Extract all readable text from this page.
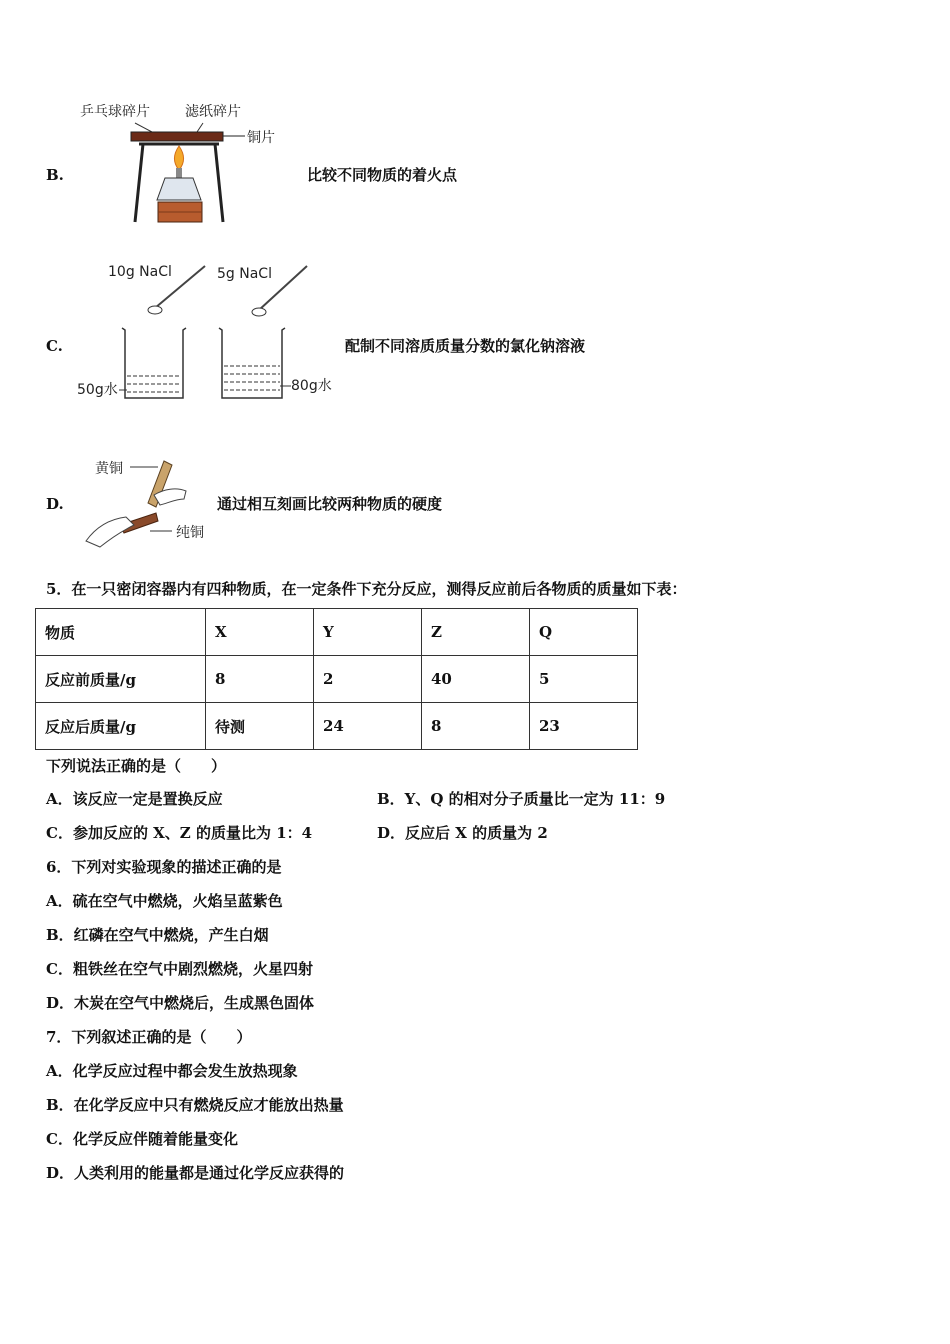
B.
乒乓球碎片	滤纸碎片
铜片
比较不同物质的着火点
C.
10g NaCl	5g NaCl
50g水	80g水
配制不同溶质质量分数的氯化钠溶液
D.
黄铜
纯铜
通过相互刻画比较两种物质的硬度
5．在一只密闭容器内有四种物质，在一定条件下充分反应，测得反应前后各物质的质量如下表：
物质	X	Y	Z	Q
反应前质量/g	8	2	40	5
反应后质量/g	待测	24	8	23
下列说法正确的是（　　）
A．该反应一定是置换反应	B．Y、Q 的相对分子质量比一定为 11：9
C．参加反应的 X、Z 的质量比为 1：4	D．反应后 X 的质量为 2
6．下列对实验现象的描述正确的是
A．硫在空气中燃烧，火焰呈蓝紫色
B．红磷在空气中燃烧，产生白烟
C．粗铁丝在空气中剧烈燃烧，火星四射
D．木炭在空气中燃烧后，生成黑色固体
7．下列叙述正确的是（　　）
A．化学反应过程中都会发生放热现象
B．在化学反应中只有燃烧反应才能放出热量
C．化学反应伴随着能量变化
D．人类利用的能量都是通过化学反应获得的
